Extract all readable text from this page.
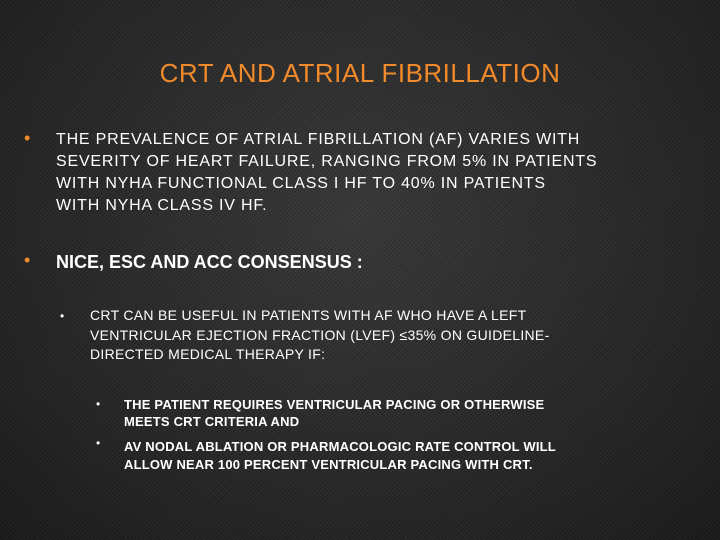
CRT AND ATRIAL FIBRILLATION
• THE PREVALENCE OF ATRIAL FIBRILLATION (AF) VARIES WITH
SEVERITY OF HEART FAILURE, RANGING FROM 5% IN PATIENTS
WITH NYHA FUNCTIONAL CLASS I HF TO 40% IN PATIENTS
WITH NYHA CLASS IV HF.
• NICE, ESC AND ACC CONSENSUS :
• CRT CAN BE USEFUL IN PATIENTS WITH AF WHO HAVE A LEFT
VENTRICULAR EJECTION FRACTION (LVEF) ≤35% ON GUIDELINE-
DIRECTED MEDICAL THERAPY IF:
• THE PATIENT REQUIRES VENTRICULAR PACING OR OTHERWISE
MEETS CRT CRITERIA AND
• AV NODAL ABLATION OR PHARMACOLOGIC RATE CONTROL WILL
ALLOW NEAR 100 PERCENT VENTRICULAR PACING WITH CRT.
